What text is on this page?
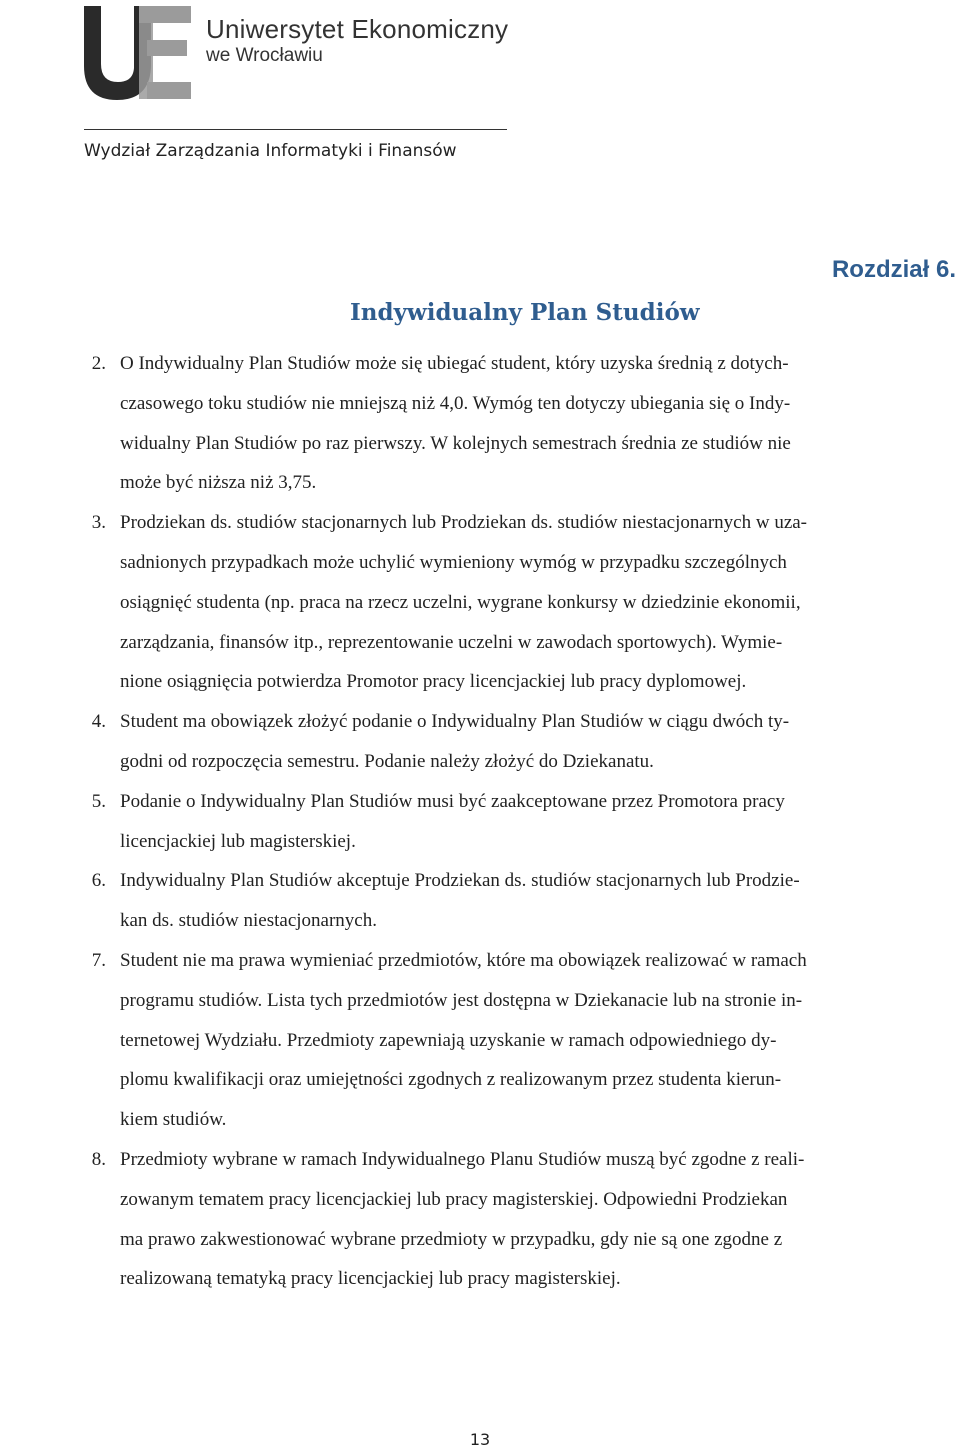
Uniwersytet Ekonomiczny
we Wrocławiu
Wydział Zarządzania Informatyki i Finansów
Rozdział 6.
Indywidualny Plan Studiów
2. O Indywidualny Plan Studiów może się ubiegać student, który uzyska średnią z dotych-
czasowego toku studiów nie mniejszą niż 4,0. Wymóg ten dotyczy ubiegania się o Indy-
widualny Plan Studiów po raz pierwszy. W kolejnych semestrach średnia ze studiów nie
może być niższa niż 3,75.
3. Prodziekan ds. studiów stacjonarnych lub Prodziekan ds. studiów niestacjonarnych w uza-
sadnionych przypadkach może uchylić wymieniony wymóg w przypadku szczególnych
osiągnięć studenta (np. praca na rzecz uczelni, wygrane konkursy w dziedzinie ekonomii,
zarządzania, finansów itp., reprezentowanie uczelni w zawodach sportowych). Wymie-
nione osiągnięcia potwierdza Promotor pracy licencjackiej lub pracy dyplomowej.
4. Student ma obowiązek złożyć podanie o Indywidualny Plan Studiów w ciągu dwóch ty-
godni od rozpoczęcia semestru. Podanie należy złożyć do Dziekanatu.
5. Podanie o Indywidualny Plan Studiów musi być zaakceptowane przez Promotora pracy
licencjackiej lub magisterskiej.
6. Indywidualny Plan Studiów akceptuje Prodziekan ds. studiów stacjonarnych lub Prodzie-
kan ds. studiów niestacjonarnych.
7. Student nie ma prawa wymieniać przedmiotów, które ma obowiązek realizować w ramach
programu studiów. Lista tych przedmiotów jest dostępna w Dziekanacie lub na stronie in-
ternetowej Wydziału. Przedmioty zapewniają uzyskanie w ramach odpowiedniego dy-
plomu kwalifikacji oraz umiejętności zgodnych z realizowanym przez studenta kierun-
kiem studiów.
8. Przedmioty wybrane w ramach Indywidualnego Planu Studiów muszą być zgodne z reali-
zowanym tematem pracy licencjackiej lub pracy magisterskiej. Odpowiedni Prodziekan
ma prawo zakwestionować wybrane przedmioty w przypadku, gdy nie są one zgodne z
realizowaną tematyką pracy licencjackiej lub pracy magisterskiej.
13
